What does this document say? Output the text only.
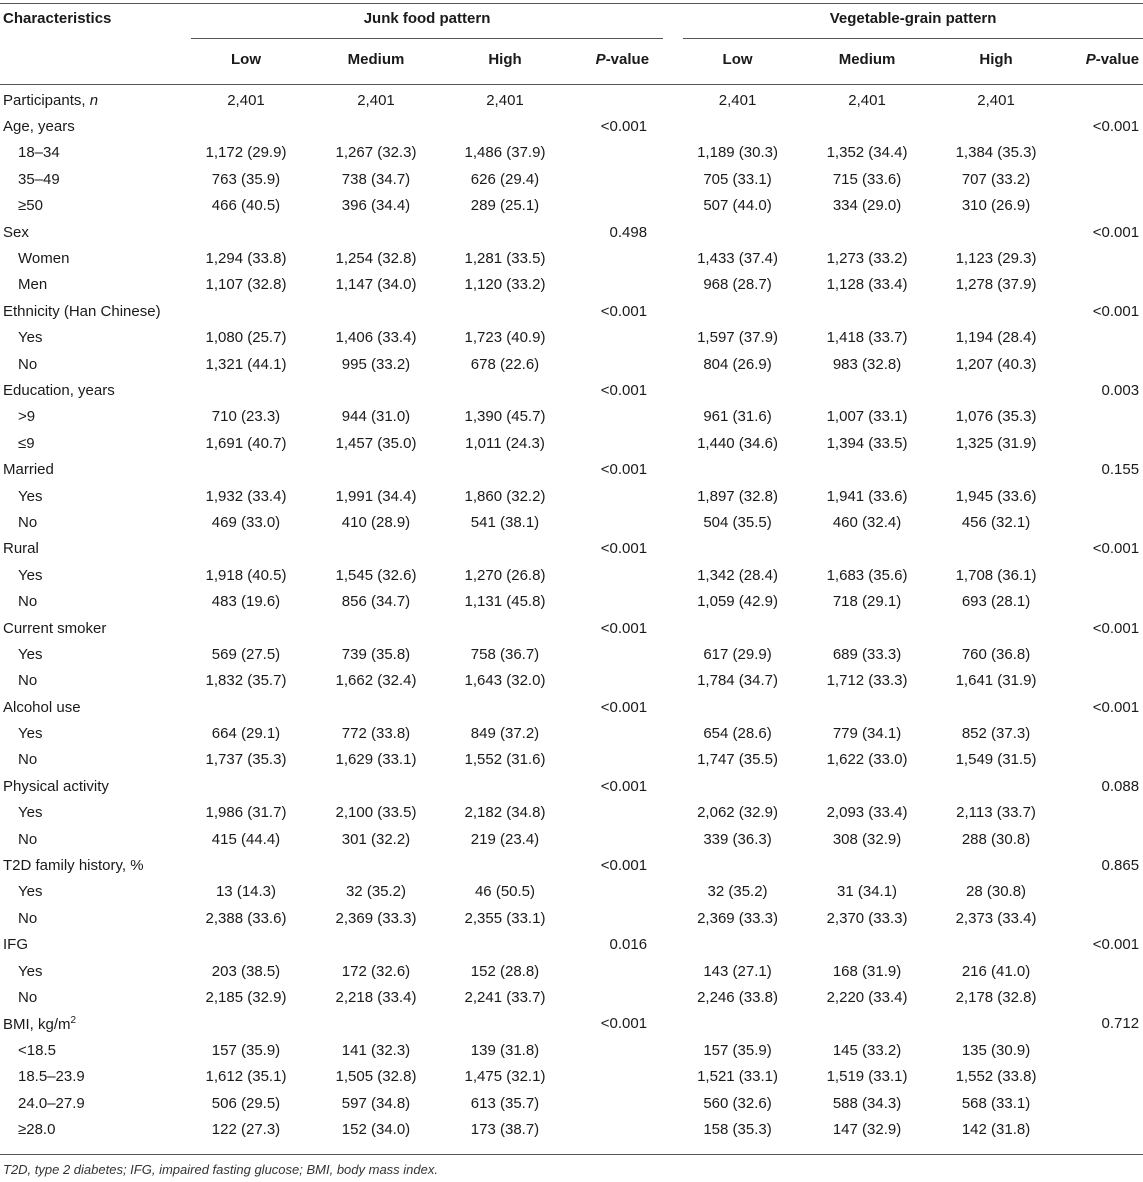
Characteristics	Junk food pattern					Vegetable-grain pattern			
	Low	Medium	High	P-value		Low	Medium	High	P-value
Participants, n	2,401	2,401	2,401			2,401	2,401	2,401	
Age, years				<0.001					<0.001
18–34	1,172 (29.9)	1,267 (32.3)	1,486 (37.9)			1,189 (30.3)	1,352 (34.4)	1,384 (35.3)	
35–49	763 (35.9)	738 (34.7)	626 (29.4)			705 (33.1)	715 (33.6)	707 (33.2)	
≥50	466 (40.5)	396 (34.4)	289 (25.1)			507 (44.0)	334 (29.0)	310 (26.9)	
Sex				0.498					<0.001
Women	1,294 (33.8)	1,254 (32.8)	1,281 (33.5)			1,433 (37.4)	1,273 (33.2)	1,123 (29.3)	
Men	1,107 (32.8)	1,147 (34.0)	1,120 (33.2)			968 (28.7)	1,128 (33.4)	1,278 (37.9)	
Ethnicity (Han Chinese)				<0.001					<0.001
Yes	1,080 (25.7)	1,406 (33.4)	1,723 (40.9)			1,597 (37.9)	1,418 (33.7)	1,194 (28.4)	
No	1,321 (44.1)	995 (33.2)	678 (22.6)			804 (26.9)	983 (32.8)	1,207 (40.3)	
Education, years				<0.001					0.003
>9	710 (23.3)	944 (31.0)	1,390 (45.7)			961 (31.6)	1,007 (33.1)	1,076 (35.3)	
≤9	1,691 (40.7)	1,457 (35.0)	1,011 (24.3)			1,440 (34.6)	1,394 (33.5)	1,325 (31.9)	
Married				<0.001					0.155
Yes	1,932 (33.4)	1,991 (34.4)	1,860 (32.2)			1,897 (32.8)	1,941 (33.6)	1,945 (33.6)	
No	469 (33.0)	410 (28.9)	541 (38.1)			504 (35.5)	460 (32.4)	456 (32.1)	
Rural				<0.001					<0.001
Yes	1,918 (40.5)	1,545 (32.6)	1,270 (26.8)			1,342 (28.4)	1,683 (35.6)	1,708 (36.1)	
No	483 (19.6)	856 (34.7)	1,131 (45.8)			1,059 (42.9)	718 (29.1)	693 (28.1)	
Current smoker				<0.001					<0.001
Yes	569 (27.5)	739 (35.8)	758 (36.7)			617 (29.9)	689 (33.3)	760 (36.8)	
No	1,832 (35.7)	1,662 (32.4)	1,643 (32.0)			1,784 (34.7)	1,712 (33.3)	1,641 (31.9)	
Alcohol use				<0.001					<0.001
Yes	664 (29.1)	772 (33.8)	849 (37.2)			654 (28.6)	779 (34.1)	852 (37.3)	
No	1,737 (35.3)	1,629 (33.1)	1,552 (31.6)			1,747 (35.5)	1,622 (33.0)	1,549 (31.5)	
Physical activity				<0.001					0.088
Yes	1,986 (31.7)	2,100 (33.5)	2,182 (34.8)			2,062 (32.9)	2,093 (33.4)	2,113 (33.7)	
No	415 (44.4)	301 (32.2)	219 (23.4)			339 (36.3)	308 (32.9)	288 (30.8)	
T2D family history, %				<0.001					0.865
Yes	13 (14.3)	32 (35.2)	46 (50.5)			32 (35.2)	31 (34.1)	28 (30.8)	
No	2,388 (33.6)	2,369 (33.3)	2,355 (33.1)			2,369 (33.3)	2,370 (33.3)	2,373 (33.4)	
IFG				0.016					<0.001
Yes	203 (38.5)	172 (32.6)	152 (28.8)			143 (27.1)	168 (31.9)	216 (41.0)	
No	2,185 (32.9)	2,218 (33.4)	2,241 (33.7)			2,246 (33.8)	2,220 (33.4)	2,178 (32.8)	
BMI, $kg/m^2$				<0.001					0.712
<18.5	157 (35.9)	141 (32.3)	139 (31.8)			157 (35.9)	145 (33.2)	135 (30.9)	
18.5–23.9	1,612 (35.1)	1,505 (32.8)	1,475 (32.1)			1,521 (33.1)	1,519 (33.1)	1,552 (33.8)	
24.0–27.9	506 (29.5)	597 (34.8)	613 (35.7)			560 (32.6)	588 (34.3)	568 (33.1)	
≥28.0	122 (27.3)	152 (34.0)	173 (38.7)			158 (35.3)	147 (32.9)	142 (31.8)	
T2D, type 2 diabetes; IFG, impaired fasting glucose; BMI, body mass index.
